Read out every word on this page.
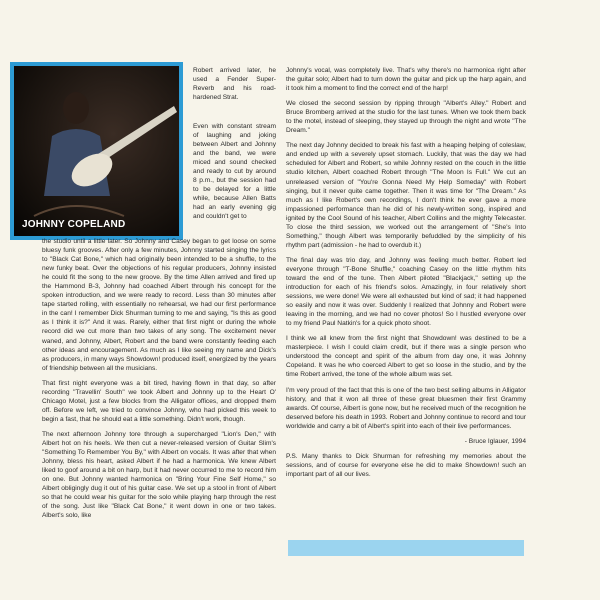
JOHNNY COPELAND
Robert arrived later, he used a Fender Super-Reverb and his road-hardened Strat.
Even with constant stream of laughing and joking between Albert and Johnny and the band, we were miced and sound checked and ready to cut by around 8 p.m., but the session had to be delayed for a little while, because Allen Batts had an early evening gig and couldn't get to

the studio until a little later. So Johnny and Casey began to get loose on some bluesy funk grooves. After only a few minutes, Johnny started singing the lyrics to "Black Cat Bone," which had originally been intended to be a shuffle, to the new funky beat. Over the objections of his regular producers, Johnny insisted he could fit the song to the new groove. By the time Allen arrived and fired up the Hammond B-3, Johnny had coached Albert through his concept for the spoken introduction, and we were ready to record. Less than 30 minutes after tape started rolling, with essentially no rehearsal, we had our first performance in the can! I remember Dick Shurman turning to me and saying, "Is this as good as I think it is?" And it was. Rarely, either that first night or during the whole record did we cut more than two takes of any song. The excitement never waned, and Johnny, Albert, Robert and the band were constantly feeding each other ideas and encouragement. As much as I like seeing my name and Dick's as producers, in many ways Showdown! produced itself, energized by the years of friendship between all the musicians.

That first night everyone was a bit tired, having flown in that day, so after recording "Travellin' South" we took Albert and Johnny up to the Heart O' Chicago Motel, just a few blocks from the Alligator offices, and dropped them off. Before we left, we tried to convince Johnny, who had picked this week to begin a fast, that he should eat a little something. Didn't work, though.

The next afternoon Johnny tore through a supercharged "Lion's Den," with Albert hot on his heels. We then cut a never-released version of Guitar Slim's "Something To Remember You By," with Albert on vocals. It was after that when Johnny, bless his heart, asked Albert if he had a harmonica. We knew Albert liked to goof around a bit on harp, but it had never occurred to me to record him on one. But Johnny wanted harmonica on "Bring Your Fine Self Home," so Albert obligingly dug it out of his guitar case. We set up a stool in front of Albert so that he could wear his guitar for the solo while playing harp through the rest of the song. Just like "Black Cat Bone," it went down in one or two takes. Albert's solo, like

Johnny's vocal, was completely live. That's why there's no harmonica right after the guitar solo; Albert had to turn down the guitar and pick up the harp again, and it took him a moment to find the correct end of the harp!

We closed the second session by ripping through "Albert's Alley." Robert and Bruce Bromberg arrived at the studio for the last tunes. When we took them back to the motel, instead of sleeping, they stayed up through the night and wrote "The Dream."

The next day Johnny decided to break his fast with a heaping helping of coleslaw, and ended up with a severely upset stomach. Luckily, that was the day we had scheduled for Albert and Robert, so while Johnny rested on the couch in the little studio kitchen, Albert coached Robert through "The Moon Is Full." We cut an unreleased version of "You're Gonna Need My Help Someday" with Robert singing, but it never quite came together. Then it was time for "The Dream." As much as I like Robert's own recordings, I don't think he ever gave a more impassioned performance than he did of his newly-written song, inspired and ignited by the Cool Sound of his teacher, Albert Collins and the mighty Telecaster. To close the third session, we worked out the arrangement of "She's Into Something," though Albert was temporarily befuddled by the simplicity of his rhythm part (admission - he had to overdub it.)

The final day was trio day, and Johnny was feeling much better. Robert led everyone through "T-Bone Shuffle," coaching Casey on the little rhythm hits toward the end of the tune. Then Albert piloted "Blackjack," setting up the introduction for each of his friend's solos. Amazingly, in four relatively short sessions, we were done! We were all exhausted but kind of sad; it had happened so easily and now it was over. Suddenly I realized that Johnny and Robert were leaving in the morning, and we had no cover photos! So I hustled everyone over to my friend Paul Natkin's for a quick photo shoot.

I think we all knew from the first night that Showdown! was destined to be a masterpiece. I wish I could claim credit, but if there was a single person who understood the concept and spirit of the album from day one, it was Johnny Copeland. It was he who coerced Albert to get so loose in the studio, and by the time Robert arrived, the tone of the whole album was set.

I'm very proud of the fact that this is one of the two best selling albums in Alligator history, and that it won all three of these great bluesmen their first Grammy awards. Of course, Albert is gone now, but he received much of the recognition he deserved before his death in 1993. Robert and Johnny continue to record and tour worldwide and carry a bit of Albert's spirit into each of their live performances.

- Bruce Iglauer, 1994

P.S. Many thanks to Dick Shurman for refreshing my memories about the sessions, and of course for everyone else he did to make Showdown! such an important part of all our lives.
